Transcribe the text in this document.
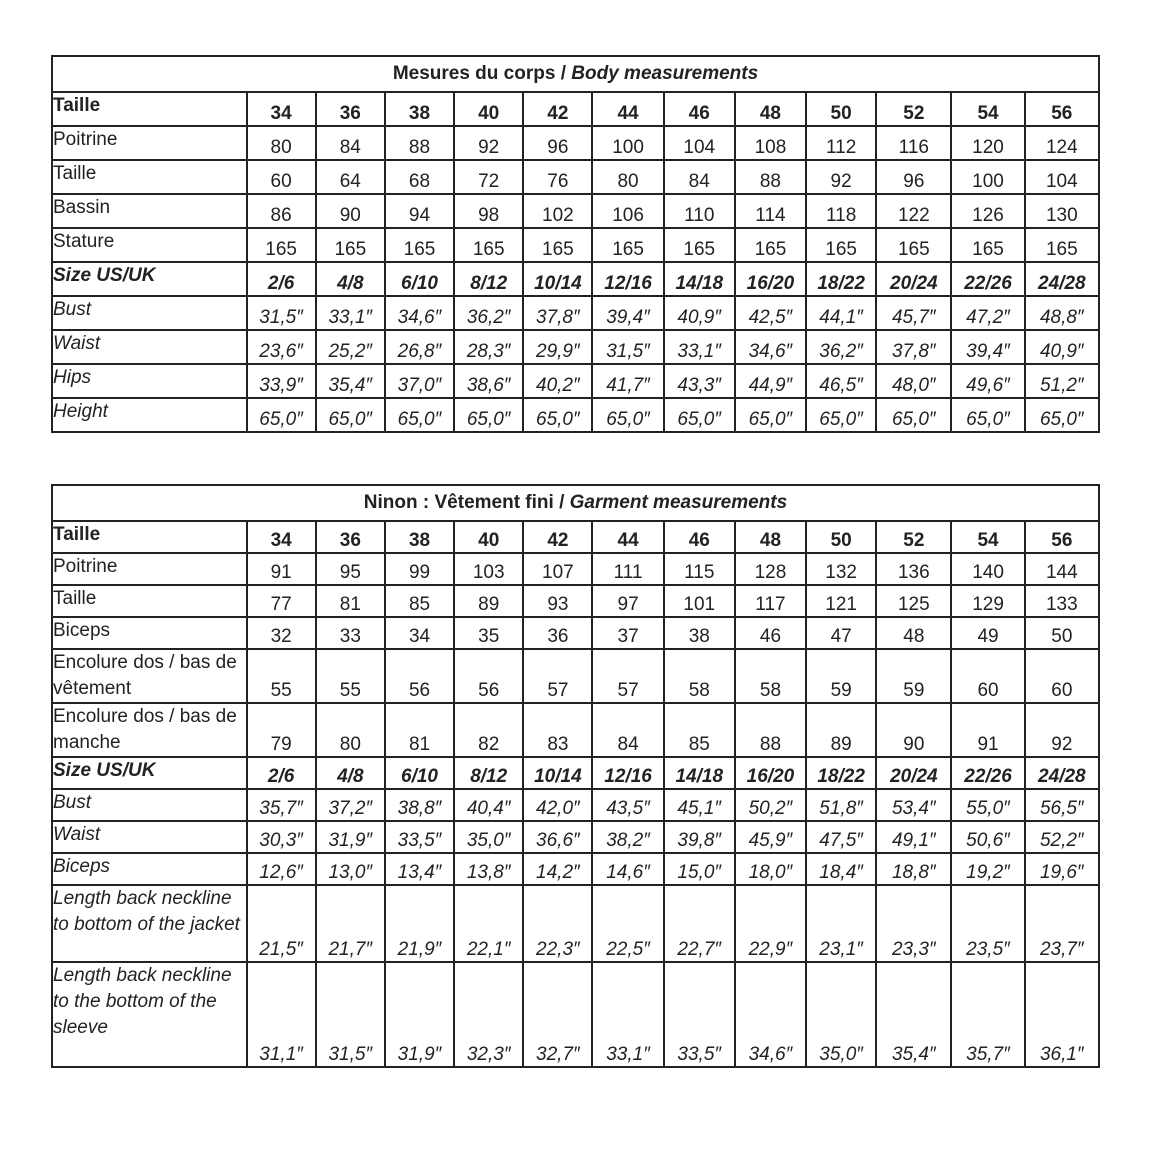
Mesures du corps / Body measurements												
Taille	34	36	38	40	42	44	46	48	50	52	54	56
Poitrine	80	84	88	92	96	100	104	108	112	116	120	124
Taille	60	64	68	72	76	80	84	88	92	96	100	104
Bassin	86	90	94	98	102	106	110	114	118	122	126	130
Stature	165	165	165	165	165	165	165	165	165	165	165	165
Size US/UK	2/6	4/8	6/10	8/12	10/14	12/16	14/18	16/20	18/22	20/24	22/26	24/28
Bust	31,5″	33,1″	34,6″	36,2″	37,8″	39,4″	40,9″	42,5″	44,1″	45,7″	47,2″	48,8″
Waist	23,6″	25,2″	26,8″	28,3″	29,9″	31,5″	33,1″	34,6″	36,2″	37,8″	39,4″	40,9″
Hips	33,9″	35,4″	37,0″	38,6″	40,2″	41,7″	43,3″	44,9″	46,5″	48,0″	49,6″	51,2″
Height	65,0″	65,0″	65,0″	65,0″	65,0″	65,0″	65,0″	65,0″	65,0″	65,0″	65,0″	65,0″
Ninon : Vêtement fini / Garment measurements												
Taille	34	36	38	40	42	44	46	48	50	52	54	56
Poitrine	91	95	99	103	107	111	115	128	132	136	140	144
Taille	77	81	85	89	93	97	101	117	121	125	129	133
Biceps	32	33	34	35	36	37	38	46	47	48	49	50
Encolure dos / bas de vêtement	55	55	56	56	57	57	58	58	59	59	60	60
Encolure dos / bas de manche	79	80	81	82	83	84	85	88	89	90	91	92
Size US/UK	2/6	4/8	6/10	8/12	10/14	12/16	14/18	16/20	18/22	20/24	22/26	24/28
Bust	35,7″	37,2″	38,8″	40,4″	42,0″	43,5″	45,1″	50,2″	51,8″	53,4″	55,0″	56,5″
Waist	30,3″	31,9″	33,5″	35,0″	36,6″	38,2″	39,8″	45,9″	47,5″	49,1″	50,6″	52,2″
Biceps	12,6″	13,0″	13,4″	13,8″	14,2″	14,6″	15,0″	18,0″	18,4″	18,8″	19,2″	19,6″
Length back neckline to bottom of the jacket	21,5″	21,7″	21,9″	22,1″	22,3″	22,5″	22,7″	22,9″	23,1″	23,3″	23,5″	23,7″
Length back neckline to the bottom of the sleeve	31,1″	31,5″	31,9″	32,3″	32,7″	33,1″	33,5″	34,6″	35,0″	35,4″	35,7″	36,1″
